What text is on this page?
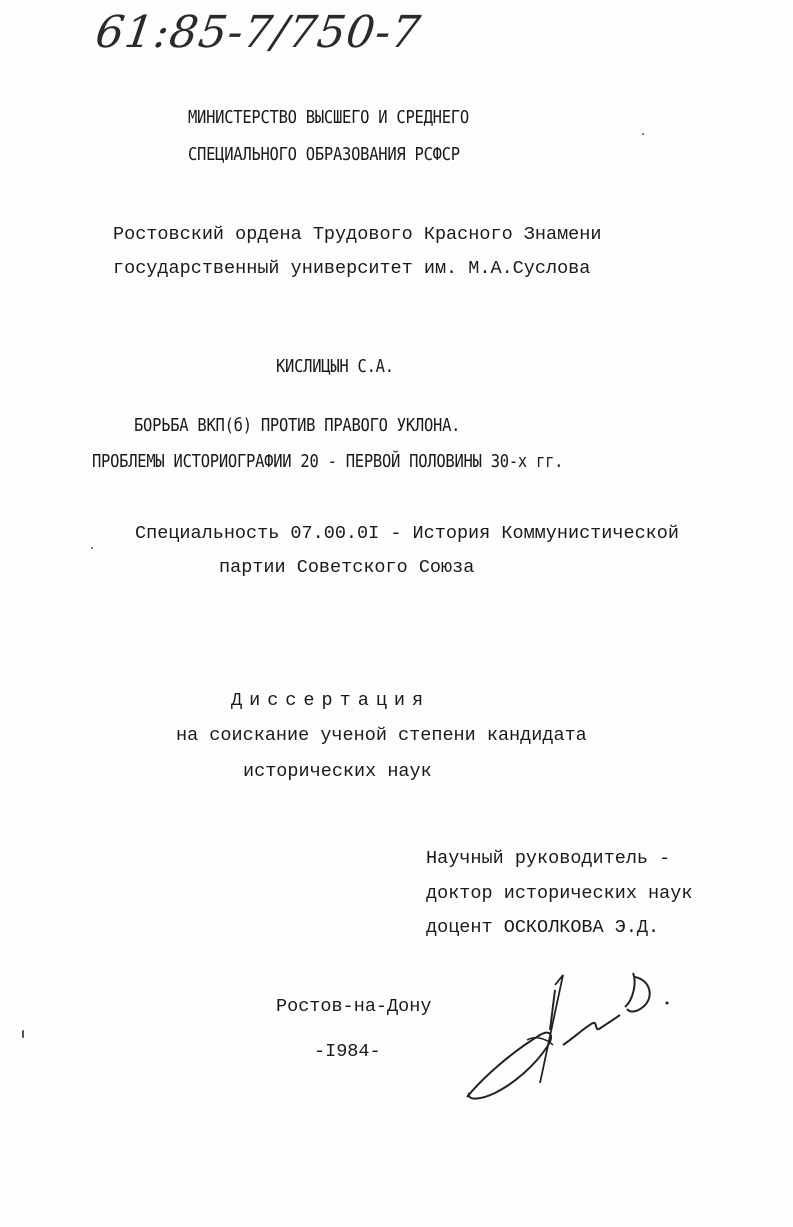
61:85-7/750-7
МИНИСТЕРСТВО ВЫСШЕГО И СРЕДНЕГО
СПЕЦИАЛЬНОГО ОБРАЗОВАНИЯ РСФСР
Ростовский ордена Трудового Красного Знамени
государственный университет им. М.А.Суслова
КИСЛИЦЫН С.А.
БОРЬБА ВКП(б) ПРОТИВ ПРАВОГО УКЛОНА.
ПРОБЛЕМЫ ИСТОРИОГРАФИИ 20 - ПЕРВОЙ ПОЛОВИНЫ 30-х гг.
Специальность 07.00.0I - История Коммунистической
партии Советского Союза
Диссертация
на соискание ученой степени кандидата
исторических наук
Научный руководитель -
доктор исторических наук
доцент ОСКОЛКОВА Э.Д.
Ростов-на-Дону
-I984-
